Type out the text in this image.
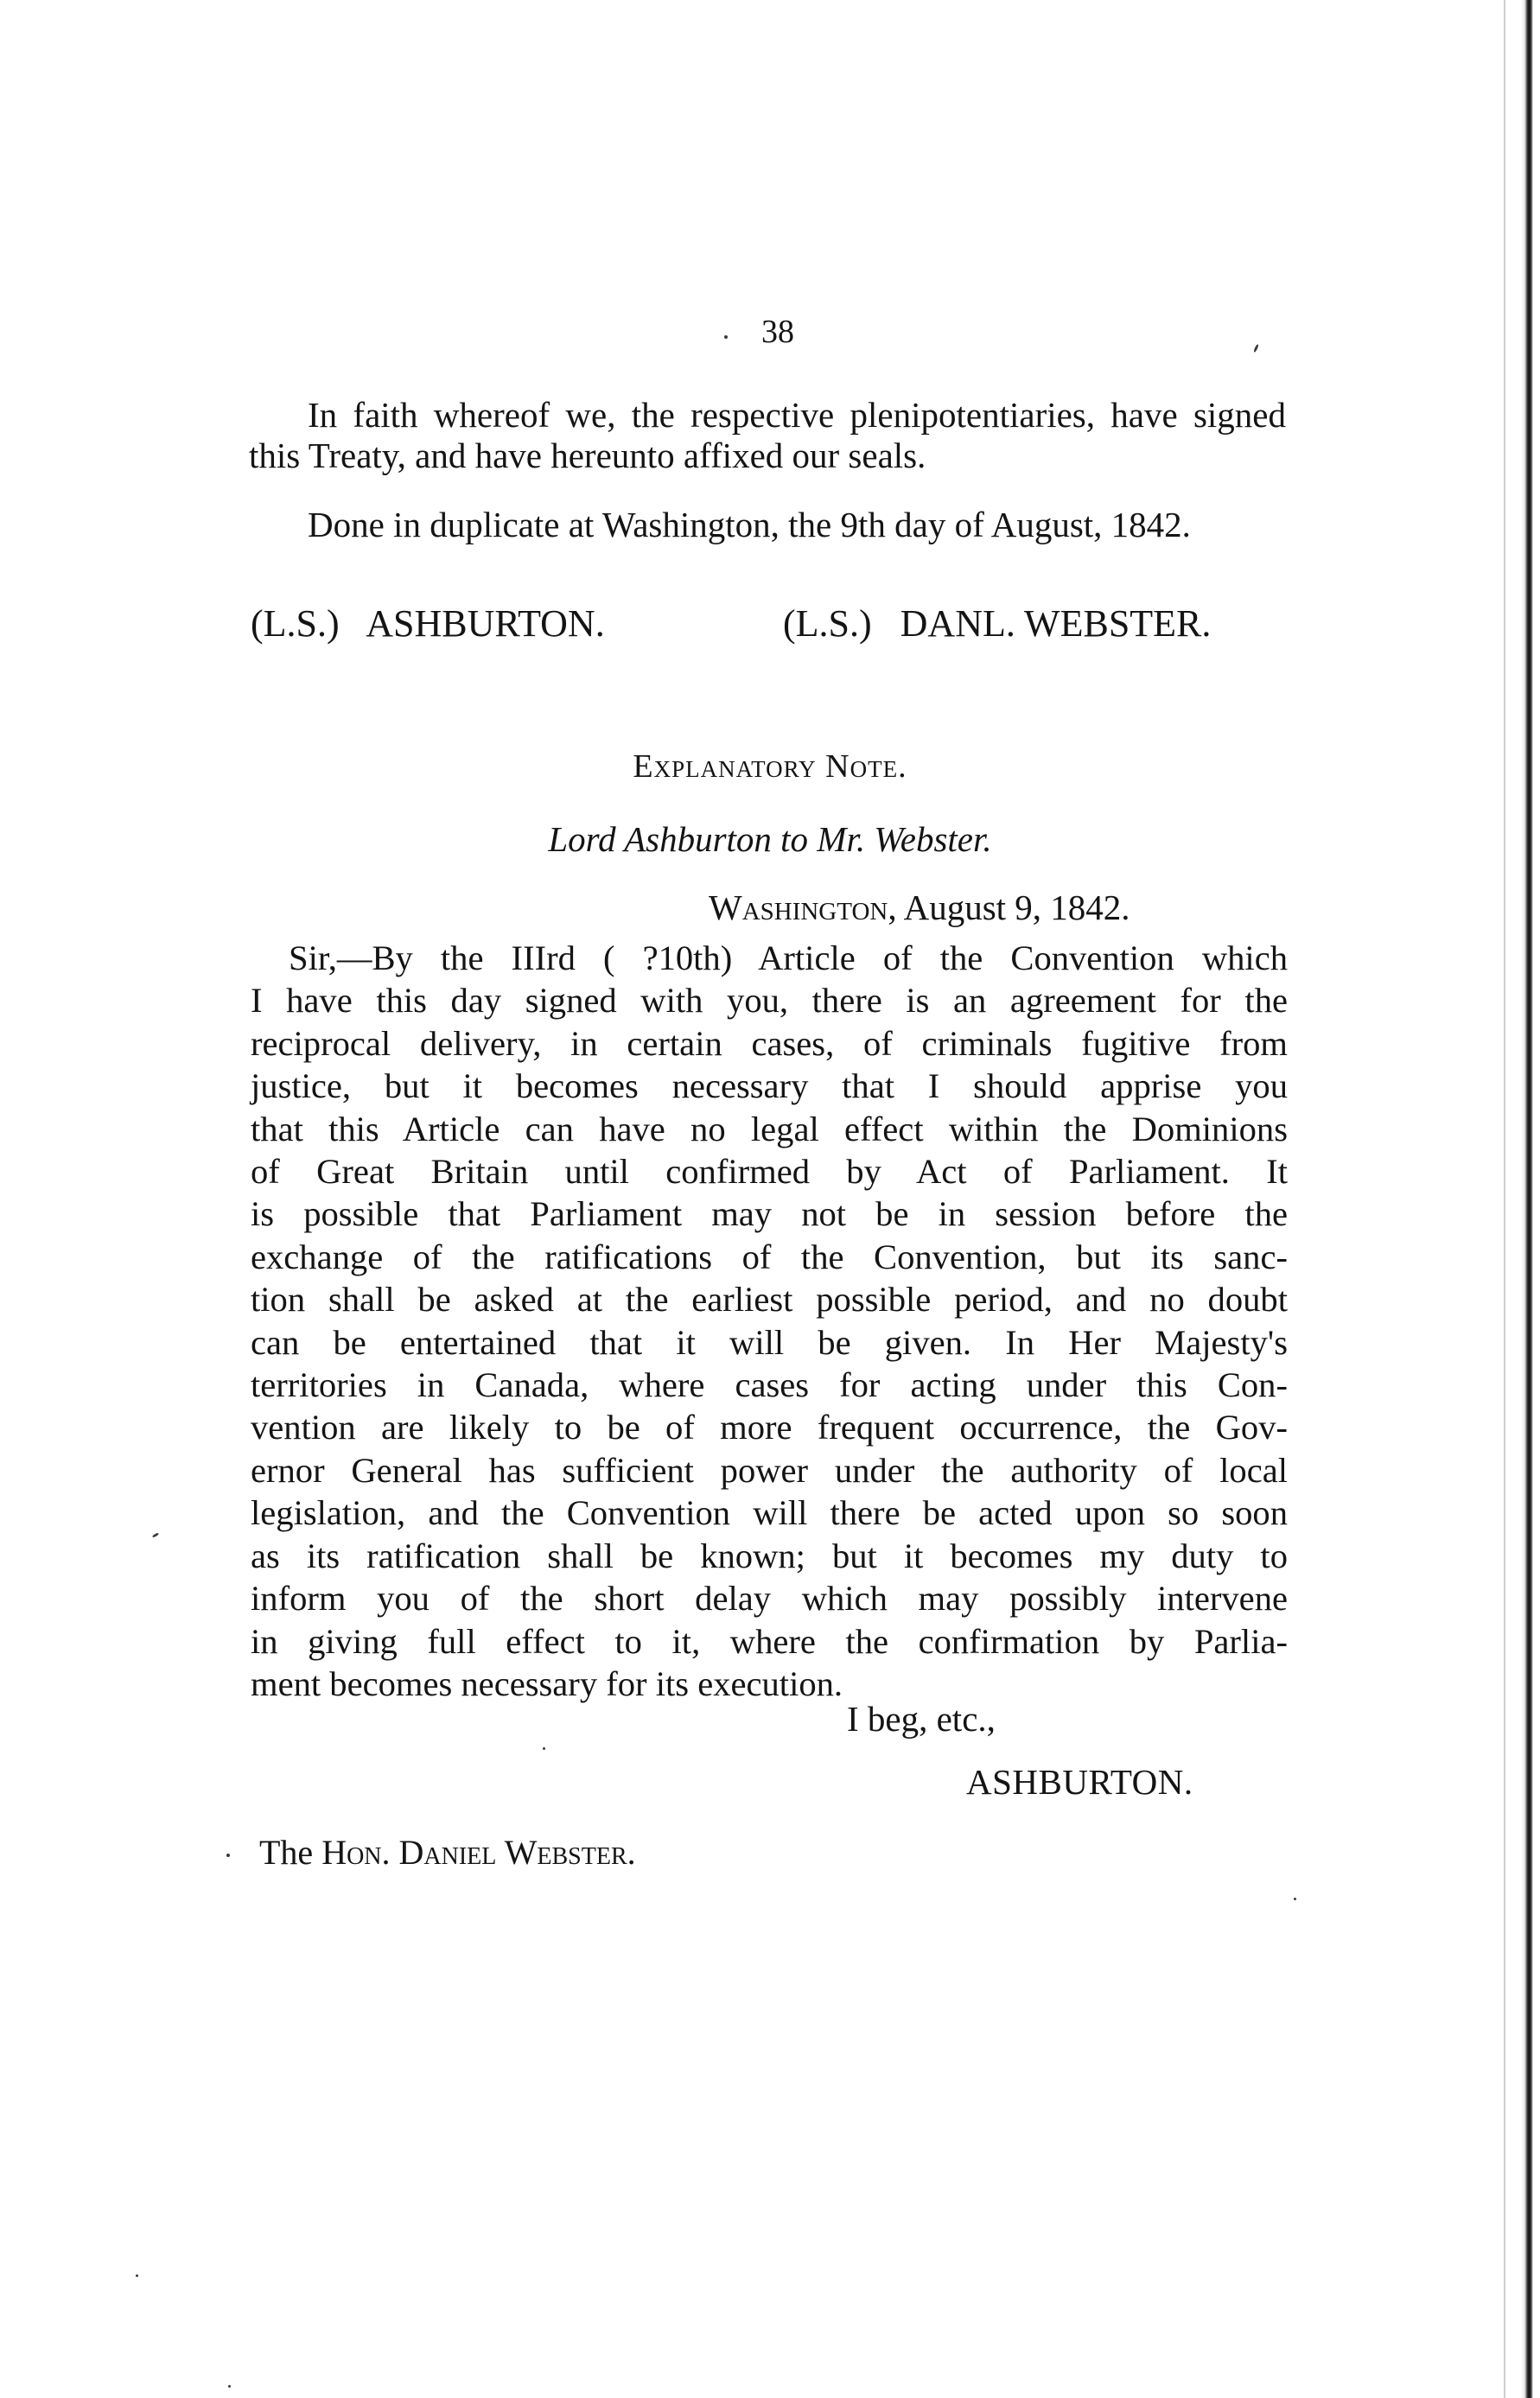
38
In faith whereof we, the respective plenipotentiaries, have signed this Treaty, and have hereunto affixed our seals.
Done in duplicate at Washington, the 9th day of August, 1842.
(L.S.)   ASHBURTON.	(L.S.)   DANL. WEBSTER.
Explanatory Note.
Lord Ashburton to Mr. Webster.
Washington, August 9, 1842.
Sir,—By the IIIrd ( ?10th) Article of the Convention which
I have this day signed with you, there is an agreement for the
reciprocal delivery, in certain cases, of criminals fugitive from
justice, but it becomes necessary that I should apprise you
that this Article can have no legal effect within the Dominions
of Great Britain until confirmed by Act of Parliament. It
is possible that Parliament may not be in session before the
exchange of the ratifications of the Convention, but its sanc-
tion shall be asked at the earliest possible period, and no doubt
can be entertained that it will be given. In Her Majesty's
territories in Canada, where cases for acting under this Con-
vention are likely to be of more frequent occurrence, the Gov-
ernor General has sufficient power under the authority of local
legislation, and the Convention will there be acted upon so soon
as its ratification shall be known; but it becomes my duty to
inform you of the short delay which may possibly intervene
in giving full effect to it, where the confirmation by Parlia-
ment becomes necessary for its execution.
I beg, etc.,
ASHBURTON.
The Hon. Daniel Webster.
